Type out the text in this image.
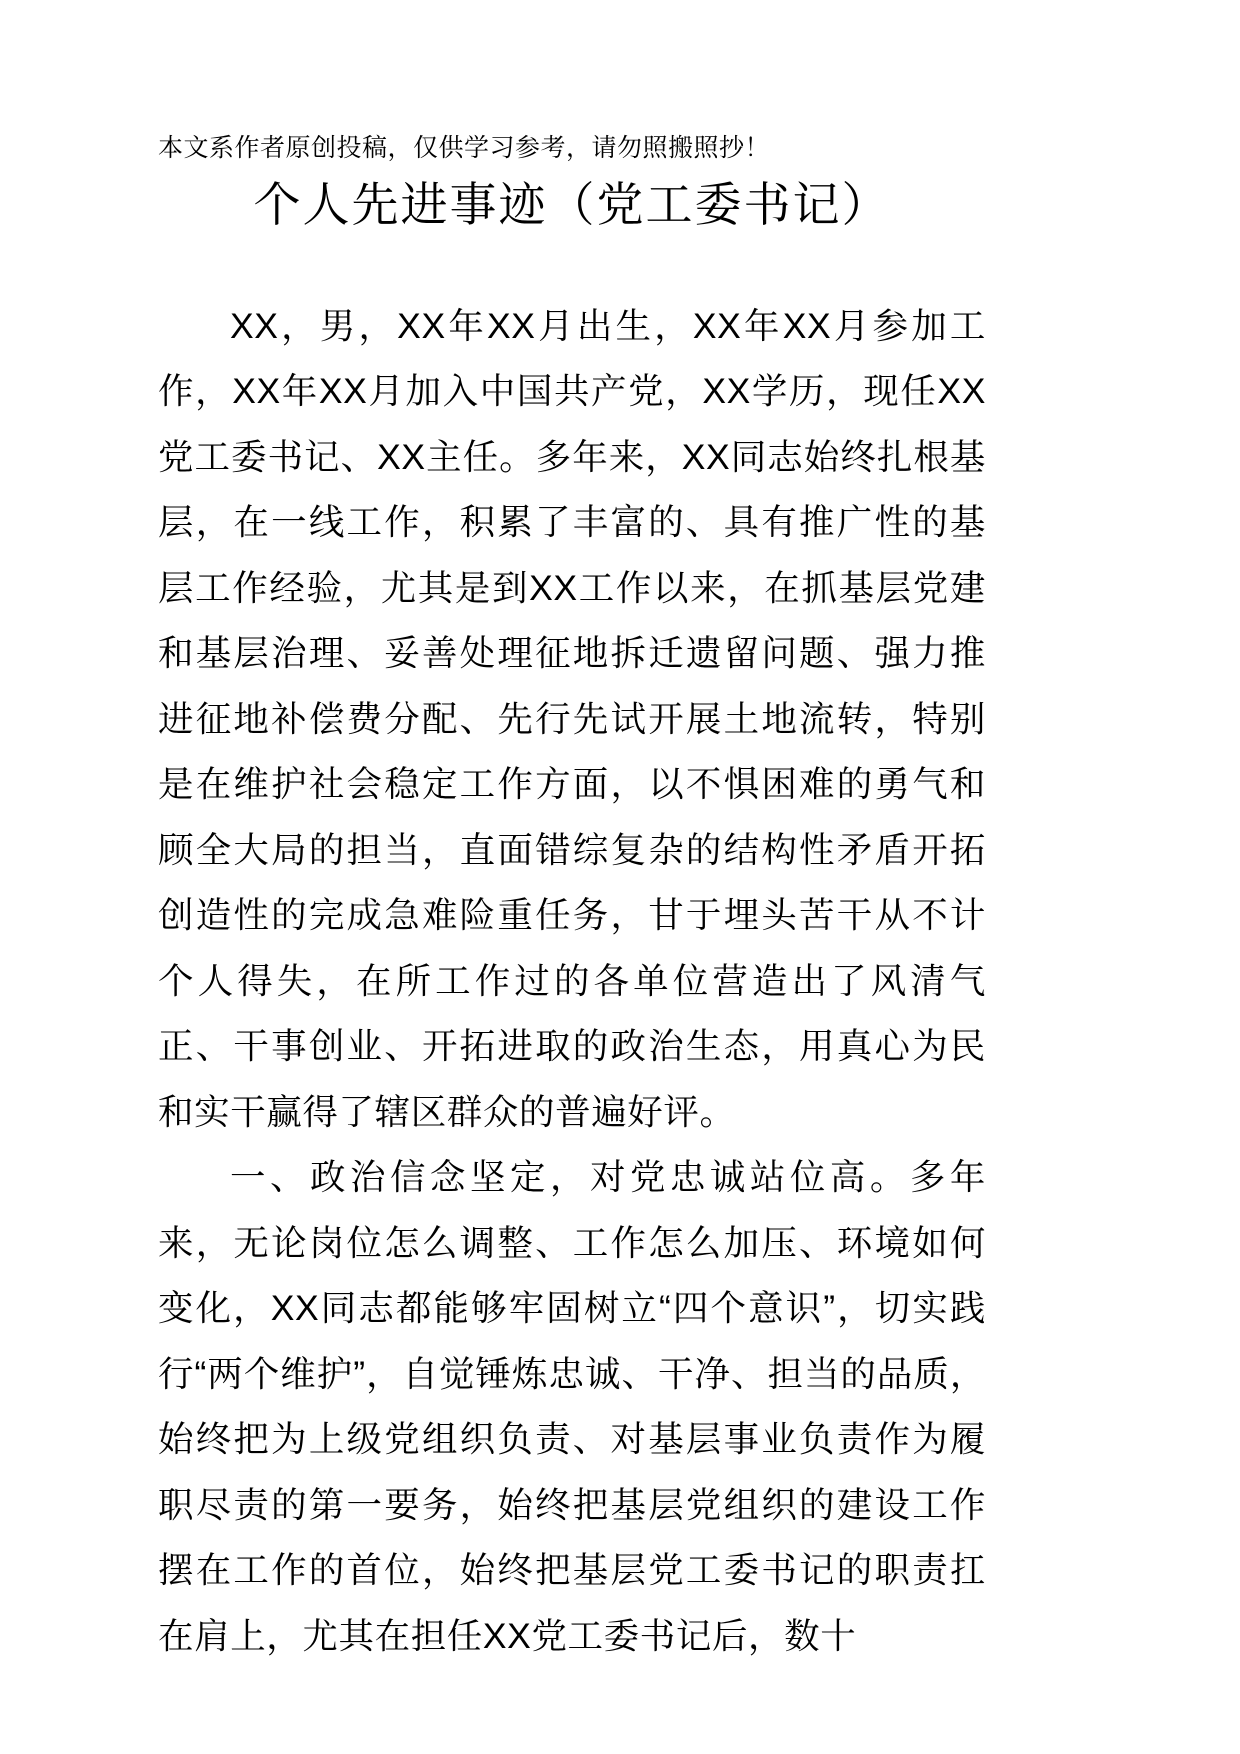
本文系作者原创投稿，仅供学习参考，请勿照搬照抄！
个人先进事迹（党工委书记）

XX，男，XX年XX月出生，XX年XX月参加工作，XX年XX月加入中国共产党，XX学历，现任XX党工委书记、XX主任。多年来，XX同志始终扎根基层，在一线工作，积累了丰富的、具有推广性的基层工作经验，尤其是到XX工作以来，在抓基层党建和基层治理、妥善处理征地拆迁遗留问题、强力推进征地补偿费分配、先行先试开展土地流转，特别是在维护社会稳定工作方面，以不惧困难的勇气和顾全大局的担当，直面错综复杂的结构性矛盾开拓创造性的完成急难险重任务，甘于埋头苦干从不计个人得失，在所工作过的各单位营造出了风清气正、干事创业、开拓进取的政治生态，用真心为民和实干赢得了辖区群众的普遍好评。

一、政治信念坚定，对党忠诚站位高。多年来，无论岗位怎么调整、工作怎么加压、环境如何变化，XX同志都能够牢固树立“四个意识”，切实践行“两个维护”，自觉锤炼忠诚、干净、担当的品质，始终把为上级党组织负责、对基层事业负责作为履职尽责的第一要务，始终把基层党组织的建设工作摆在工作的首位，始终把基层党工委书记的职责扛在肩上，尤其在担任XX党工委书记后，数十
